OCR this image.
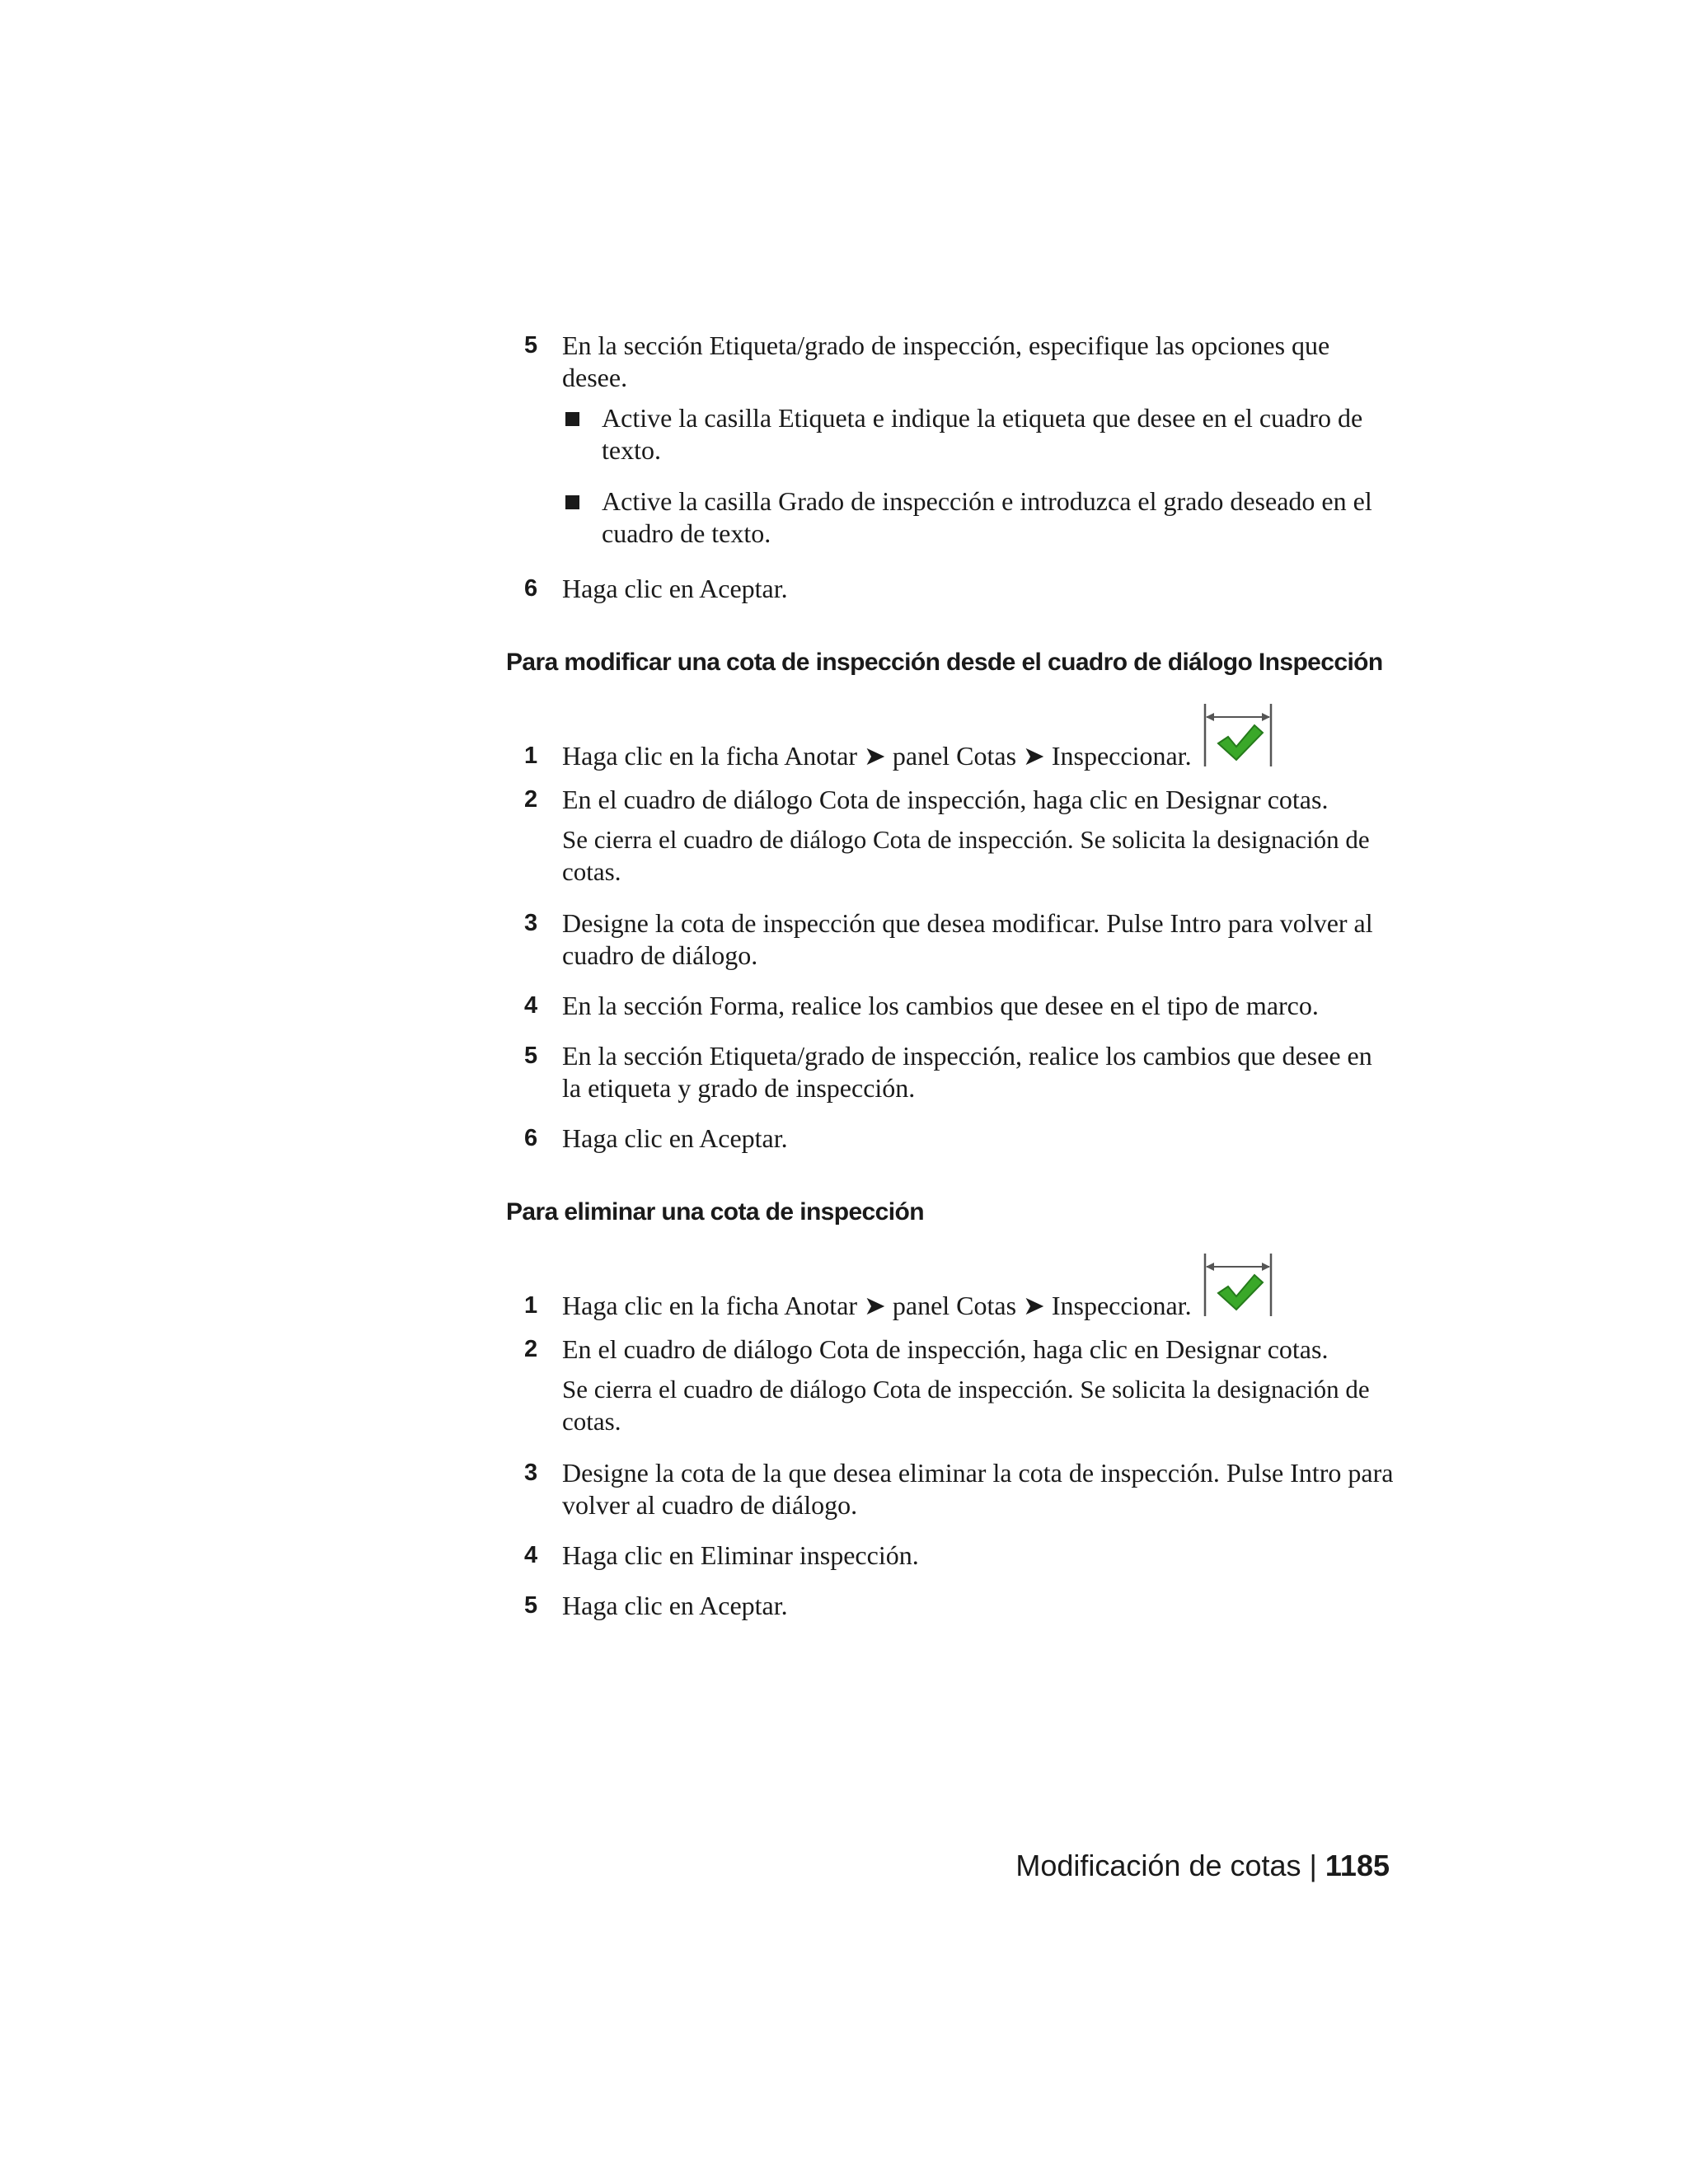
5 En la sección Etiqueta/grado de inspección, especifique las opciones que desee.
Active la casilla Etiqueta e indique la etiqueta que desee en el cuadro de texto.
Active la casilla Grado de inspección e introduzca el grado deseado en el cuadro de texto.
6 Haga clic en Aceptar.
Para modificar una cota de inspección desde el cuadro de diálogo Inspección
1 Haga clic en la ficha Anotar ➤ panel Cotas ➤ Inspeccionar.
2 En el cuadro de diálogo Cota de inspección, haga clic en Designar cotas.
Se cierra el cuadro de diálogo Cota de inspección. Se solicita la designación de cotas.
3 Designe la cota de inspección que desea modificar. Pulse Intro para volver al cuadro de diálogo.
4 En la sección Forma, realice los cambios que desee en el tipo de marco.
5 En la sección Etiqueta/grado de inspección, realice los cambios que desee en la etiqueta y grado de inspección.
6 Haga clic en Aceptar.
Para eliminar una cota de inspección
1 Haga clic en la ficha Anotar ➤ panel Cotas ➤ Inspeccionar.
2 En el cuadro de diálogo Cota de inspección, haga clic en Designar cotas.
Se cierra el cuadro de diálogo Cota de inspección. Se solicita la designación de cotas.
3 Designe la cota de la que desea eliminar la cota de inspección. Pulse Intro para volver al cuadro de diálogo.
4 Haga clic en Eliminar inspección.
5 Haga clic en Aceptar.
Modificación de cotas | 1185
